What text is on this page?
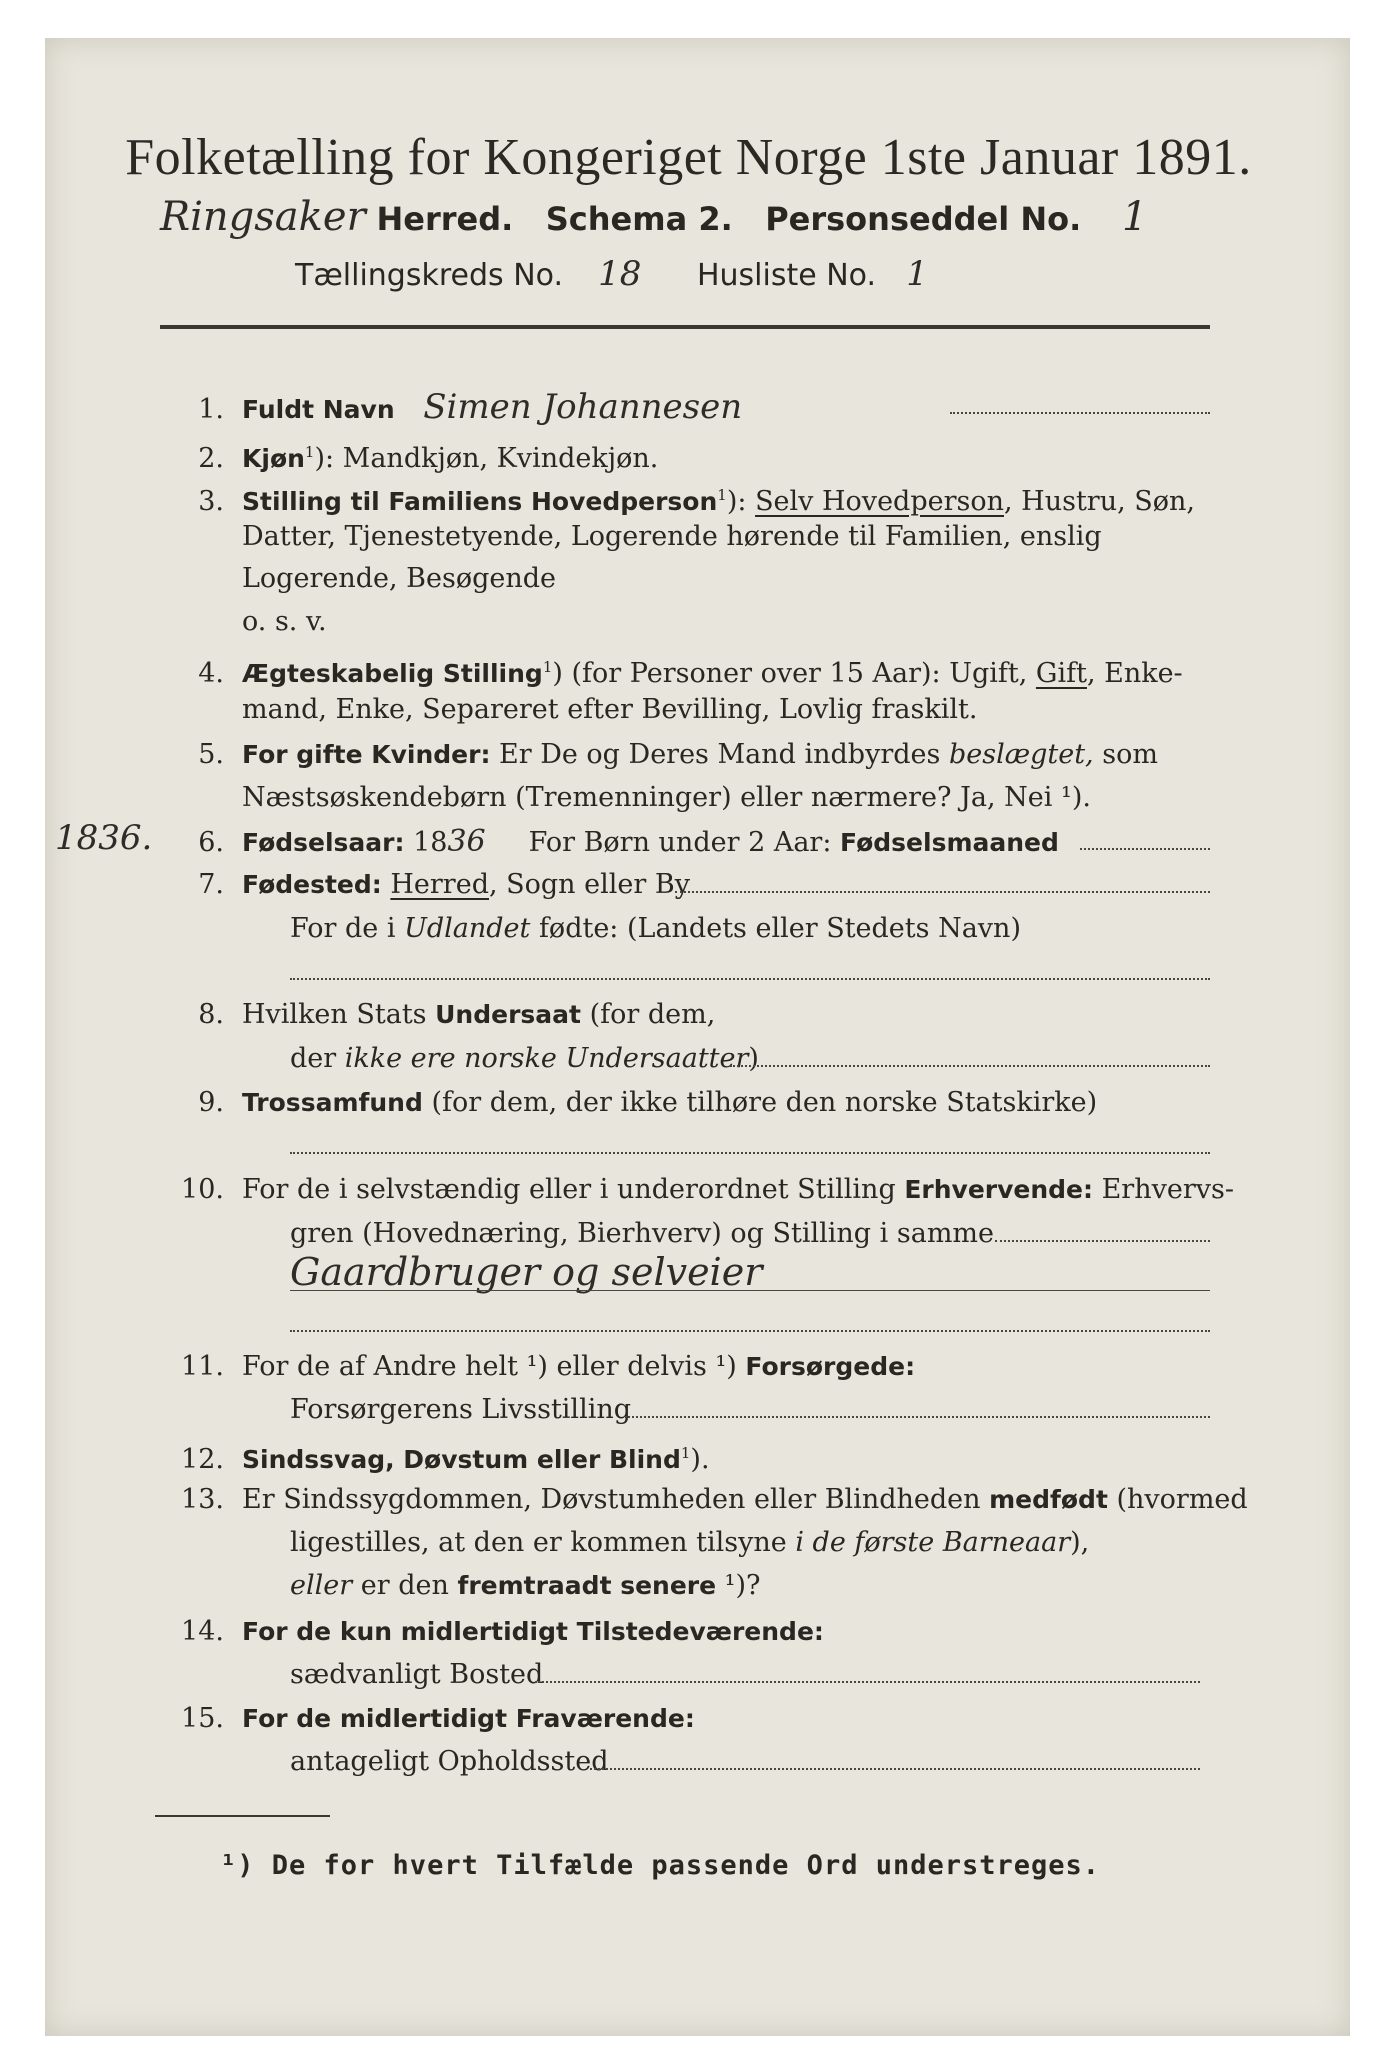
Folketælling for Kongeriget Norge 1ste Januar 1891.
Ringsaker Herred. Schema 2. Personseddel No. 1
Tællingskreds No. 18 Husliste No. 1
1. Fuldt Navn Simen Johannesen
2. Kjøn$^1$): Mandkjøn, Kvindekjøn.
3. Stilling til Familiens Hovedperson$^1$): Selv Hovedperson, Hustru, Søn,
Datter, Tjenestetyende, Logerende hørende til Familien, enslig
Logerende, Besøgende
o. s. v.
4. Ægteskabelig Stilling$^1$) (for Personer over 15 Aar): Ugift, Gift, Enke-
mand, Enke, Separeret efter Bevilling, Lovlig fraskilt.
5. For gifte Kvinder: Er De og Deres Mand indbyrdes beslægtet, som
Næstsøskendebørn (Tremenninger) eller nærmere? Ja, Nei ¹).
1836.	6. Fødselsaar: 1836 For Børn under 2 Aar: Fødselsmaaned
7. Fødested: Herred, Sogn eller By
For de i Udlandet fødte: (Landets eller Stedets Navn)
8. Hvilken Stats Undersaat (for dem,
der ikke ere norske Undersaatter)
9. Trossamfund (for dem, der ikke tilhøre den norske Statskirke)
10. For de i selvstændig eller i underordnet Stilling Erhvervende: Erhvervs-
gren (Hovednæring, Bierhverv) og Stilling i samme
Gaardbruger og selveier
11. For de af Andre helt ¹) eller delvis ¹) Forsørgede:
Forsørgerens Livsstilling
12. Sindssvag, Døvstum eller Blind$^1$).
13. Er Sindssygdommen, Døvstumheden eller Blindheden medfødt (hvormed
ligestilles, at den er kommen tilsyne i de første Barneaar),
eller er den fremtraadt senere ¹)?
14. For de kun midlertidigt Tilstedeværende:
sædvanligt Bosted
15. For de midlertidigt Fraværende:
antageligt Opholdssted
¹) De for hvert Tilfælde passende Ord understreges.
